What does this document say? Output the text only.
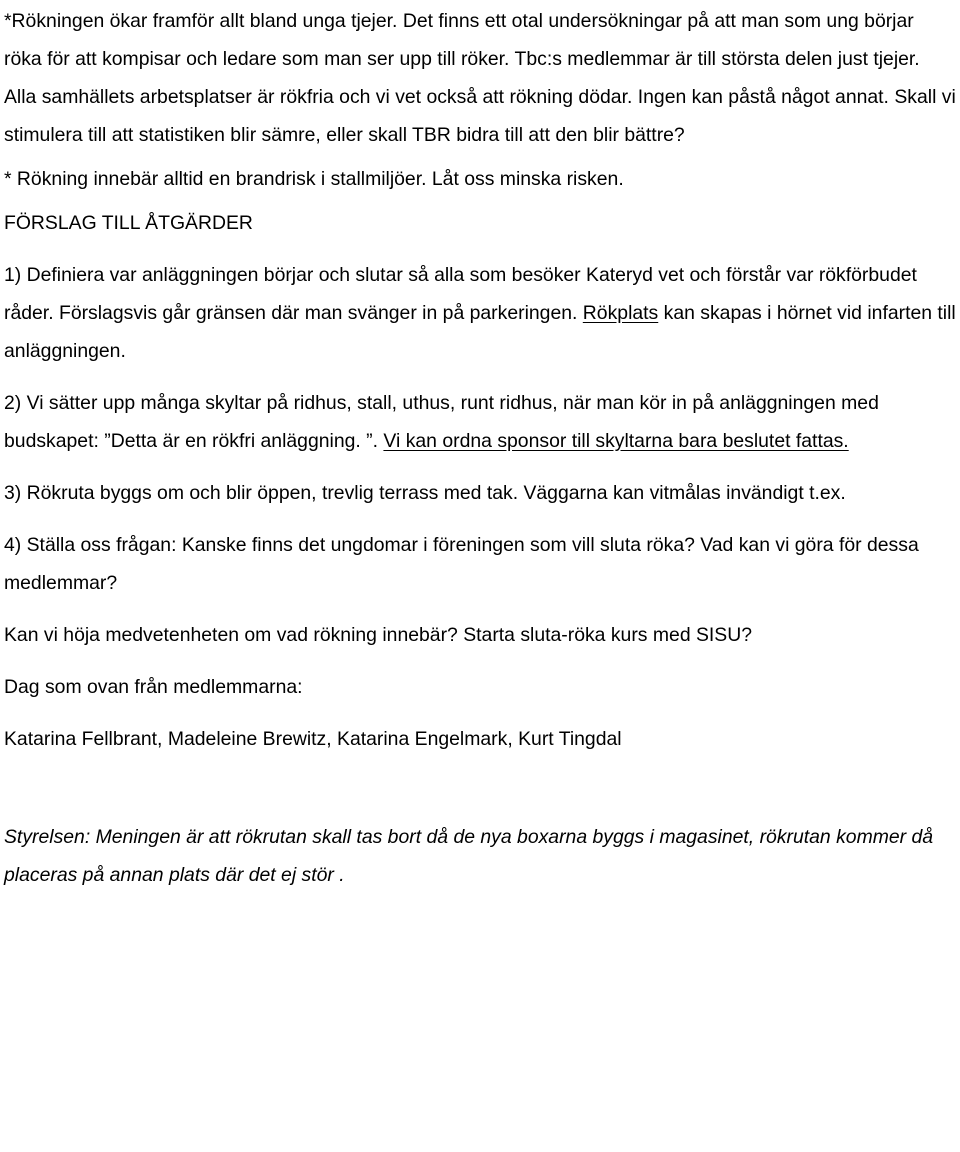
*Rökningen ökar framför allt bland unga tjejer. Det finns ett otal undersökningar på att man som ung börjar röka för att kompisar och ledare som man ser upp till röker. Tbc:s medlemmar är till största delen just tjejer. Alla samhällets arbetsplatser är rökfria och vi vet också att rökning dödar. Ingen kan påstå något annat. Skall vi stimulera till att statistiken blir sämre, eller skall TBR bidra till att den blir bättre?

* Rökning innebär alltid en brandrisk i stallmiljöer. Låt oss minska risken.

FÖRSLAG TILL ÅTGÄRDER

1) Definiera var anläggningen börjar och slutar så alla som besöker Kateryd vet och förstår var rökförbudet råder. Förslagsvis går gränsen där man svänger in på parkeringen. Rökplats kan skapas i hörnet vid infarten till anläggningen.

2) Vi sätter upp många skyltar på ridhus, stall, uthus, runt ridhus, när man kör in på anläggningen med budskapet: ”Detta är en rökfri anläggning. ”. Vi kan ordna sponsor till skyltarna bara beslutet fattas.

3) Rökruta byggs om och blir öppen, trevlig terrass med tak. Väggarna kan vitmålas invändigt t.ex.

4) Ställa oss frågan: Kanske finns det ungdomar i föreningen som vill sluta röka? Vad kan vi göra för dessa medlemmar?

Kan vi höja medvetenheten om vad rökning innebär? Starta sluta-röka kurs med SISU?

Dag som ovan från medlemmarna:

Katarina Fellbrant, Madeleine Brewitz, Katarina Engelmark, Kurt Tingdal

Styrelsen: Meningen är att rökrutan skall tas bort då de nya boxarna byggs i magasinet, rökrutan kommer då placeras på annan plats där det ej stör .
